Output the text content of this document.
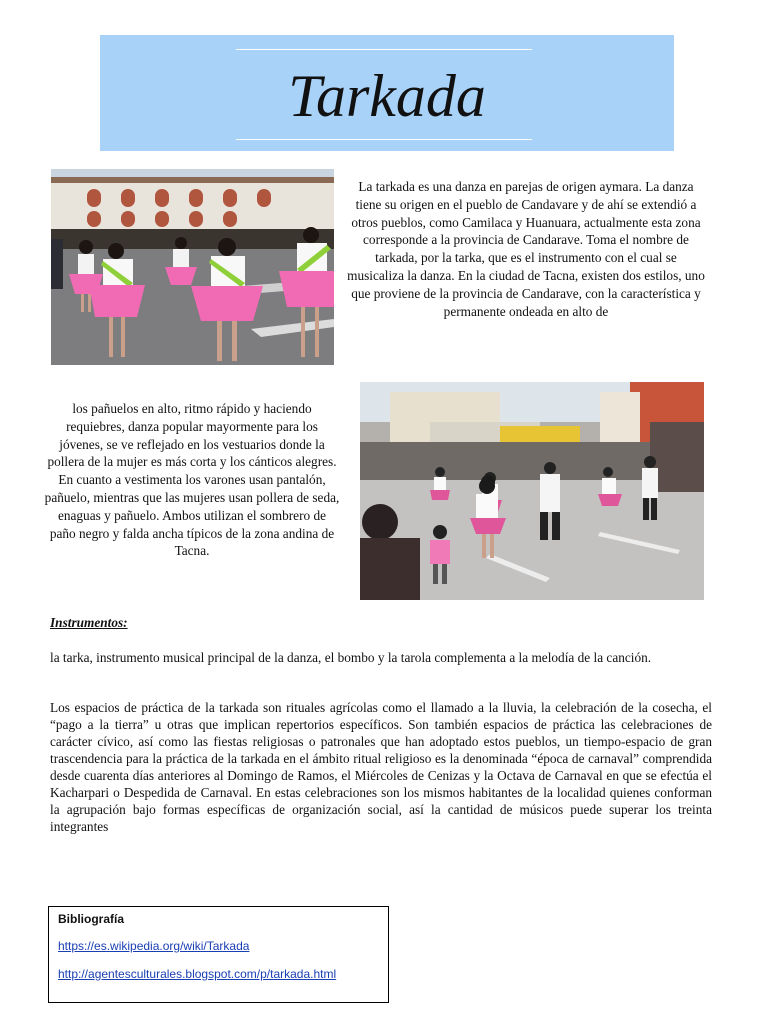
Tarkada

La tarkada es una danza en parejas de origen aymara. La danza tiene su origen en el pueblo de Candavare y de ahí se extendió a otros pueblos, como Camilaca y Huanuara, actualmente esta zona corresponde a la provincia de Candarave. Toma el nombre de tarkada, por la tarka, que es el instrumento con el cual se musicaliza la danza. En la ciudad de Tacna, existen dos estilos, uno que proviene de la provincia de Candarave, con la característica y permanente ondeada en alto de

los pañuelos en alto, ritmo rápido y haciendo requiebres, danza popular mayormente para los jóvenes, se ve reflejado en los vestuarios donde la pollera de la mujer es más corta y los cánticos alegres. En cuanto a vestimenta los varones usan pantalón, pañuelo, mientras que las mujeres usan pollera de seda, enaguas y pañuelo. Ambos utilizan el sombrero de paño negro y falda ancha típicos de la zona andina de Tacna.

Instrumentos:

la tarka, instrumento musical principal de la danza, el bombo y la tarola complementa a la melodía de la canción.

Los espacios de práctica de la tarkada son rituales agrícolas como el llamado a la lluvia, la celebración de la cosecha, el “pago a la tierra” u otras que implican repertorios específicos. Son también espacios de práctica las celebraciones de carácter cívico, así como las fiestas religiosas o patronales que han adoptado estos pueblos, un tiempo-espacio de gran trascendencia para la práctica de la tarkada en el ámbito ritual religioso es la denominada “época de carnaval” comprendida desde cuarenta días anteriores al Domingo de Ramos, el Miércoles de Cenizas y la Octava de Carnaval en que se efectúa el Kacharpari o Despedida de Carnaval. En estas celebraciones son los mismos habitantes de la localidad quienes conforman la agrupación bajo formas específicas de organización social, así la cantidad de músicos puede superar los treinta integrantes

Bibliografía
https://es.wikipedia.org/wiki/Tarkada
http://agentesculturales.blogspot.com/p/tarkada.html
